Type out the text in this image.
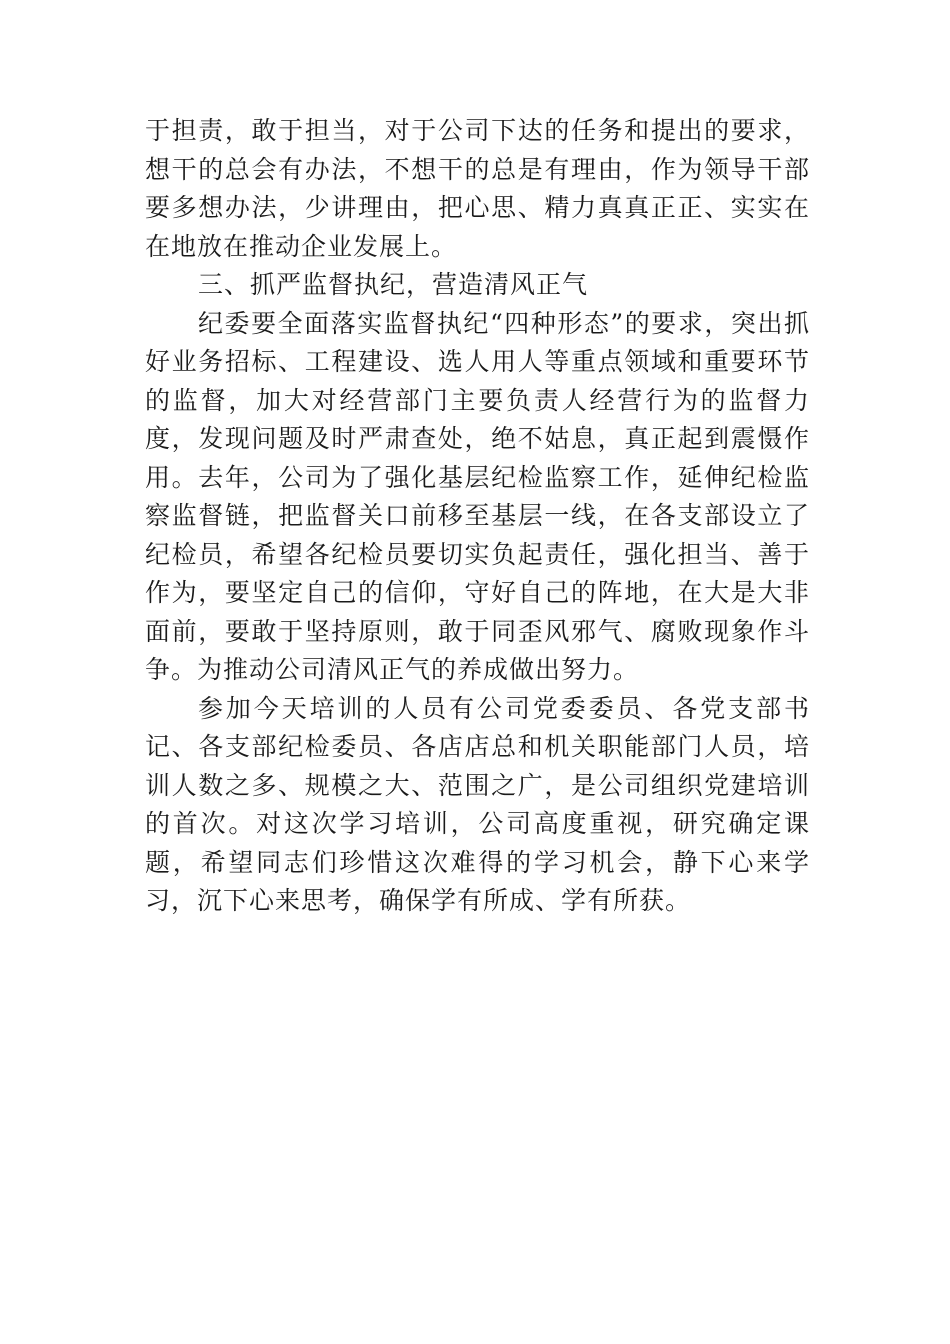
于担责，敢于担当，对于公司下达的任务和提出的要求，想干的总会有办法，不想干的总是有理由，作为领导干部要多想办法，少讲理由，把心思、精力真真正正、实实在在地放在推动企业发展上。

三、抓严监督执纪，营造清风正气

纪委要全面落实监督执纪“四种形态”的要求，突出抓好业务招标、工程建设、选人用人等重点领域和重要环节的监督，加大对经营部门主要负责人经营行为的监督力度，发现问题及时严肃查处，绝不姑息，真正起到震慑作用。去年，公司为了强化基层纪检监察工作，延伸纪检监察监督链，把监督关口前移至基层一线，在各支部设立了纪检员，希望各纪检员要切实负起责任，强化担当、善于作为，要坚定自己的信仰，守好自己的阵地，在大是大非面前，要敢于坚持原则，敢于同歪风邪气、腐败现象作斗争。为推动公司清风正气的养成做出努力。

参加今天培训的人员有公司党委委员、各党支部书记、各支部纪检委员、各店店总和机关职能部门人员，培训人数之多、规模之大、范围之广，是公司组织党建培训的首次。对这次学习培训，公司高度重视，研究确定课题，希望同志们珍惜这次难得的学习机会，静下心来学习，沉下心来思考，确保学有所成、学有所获。
